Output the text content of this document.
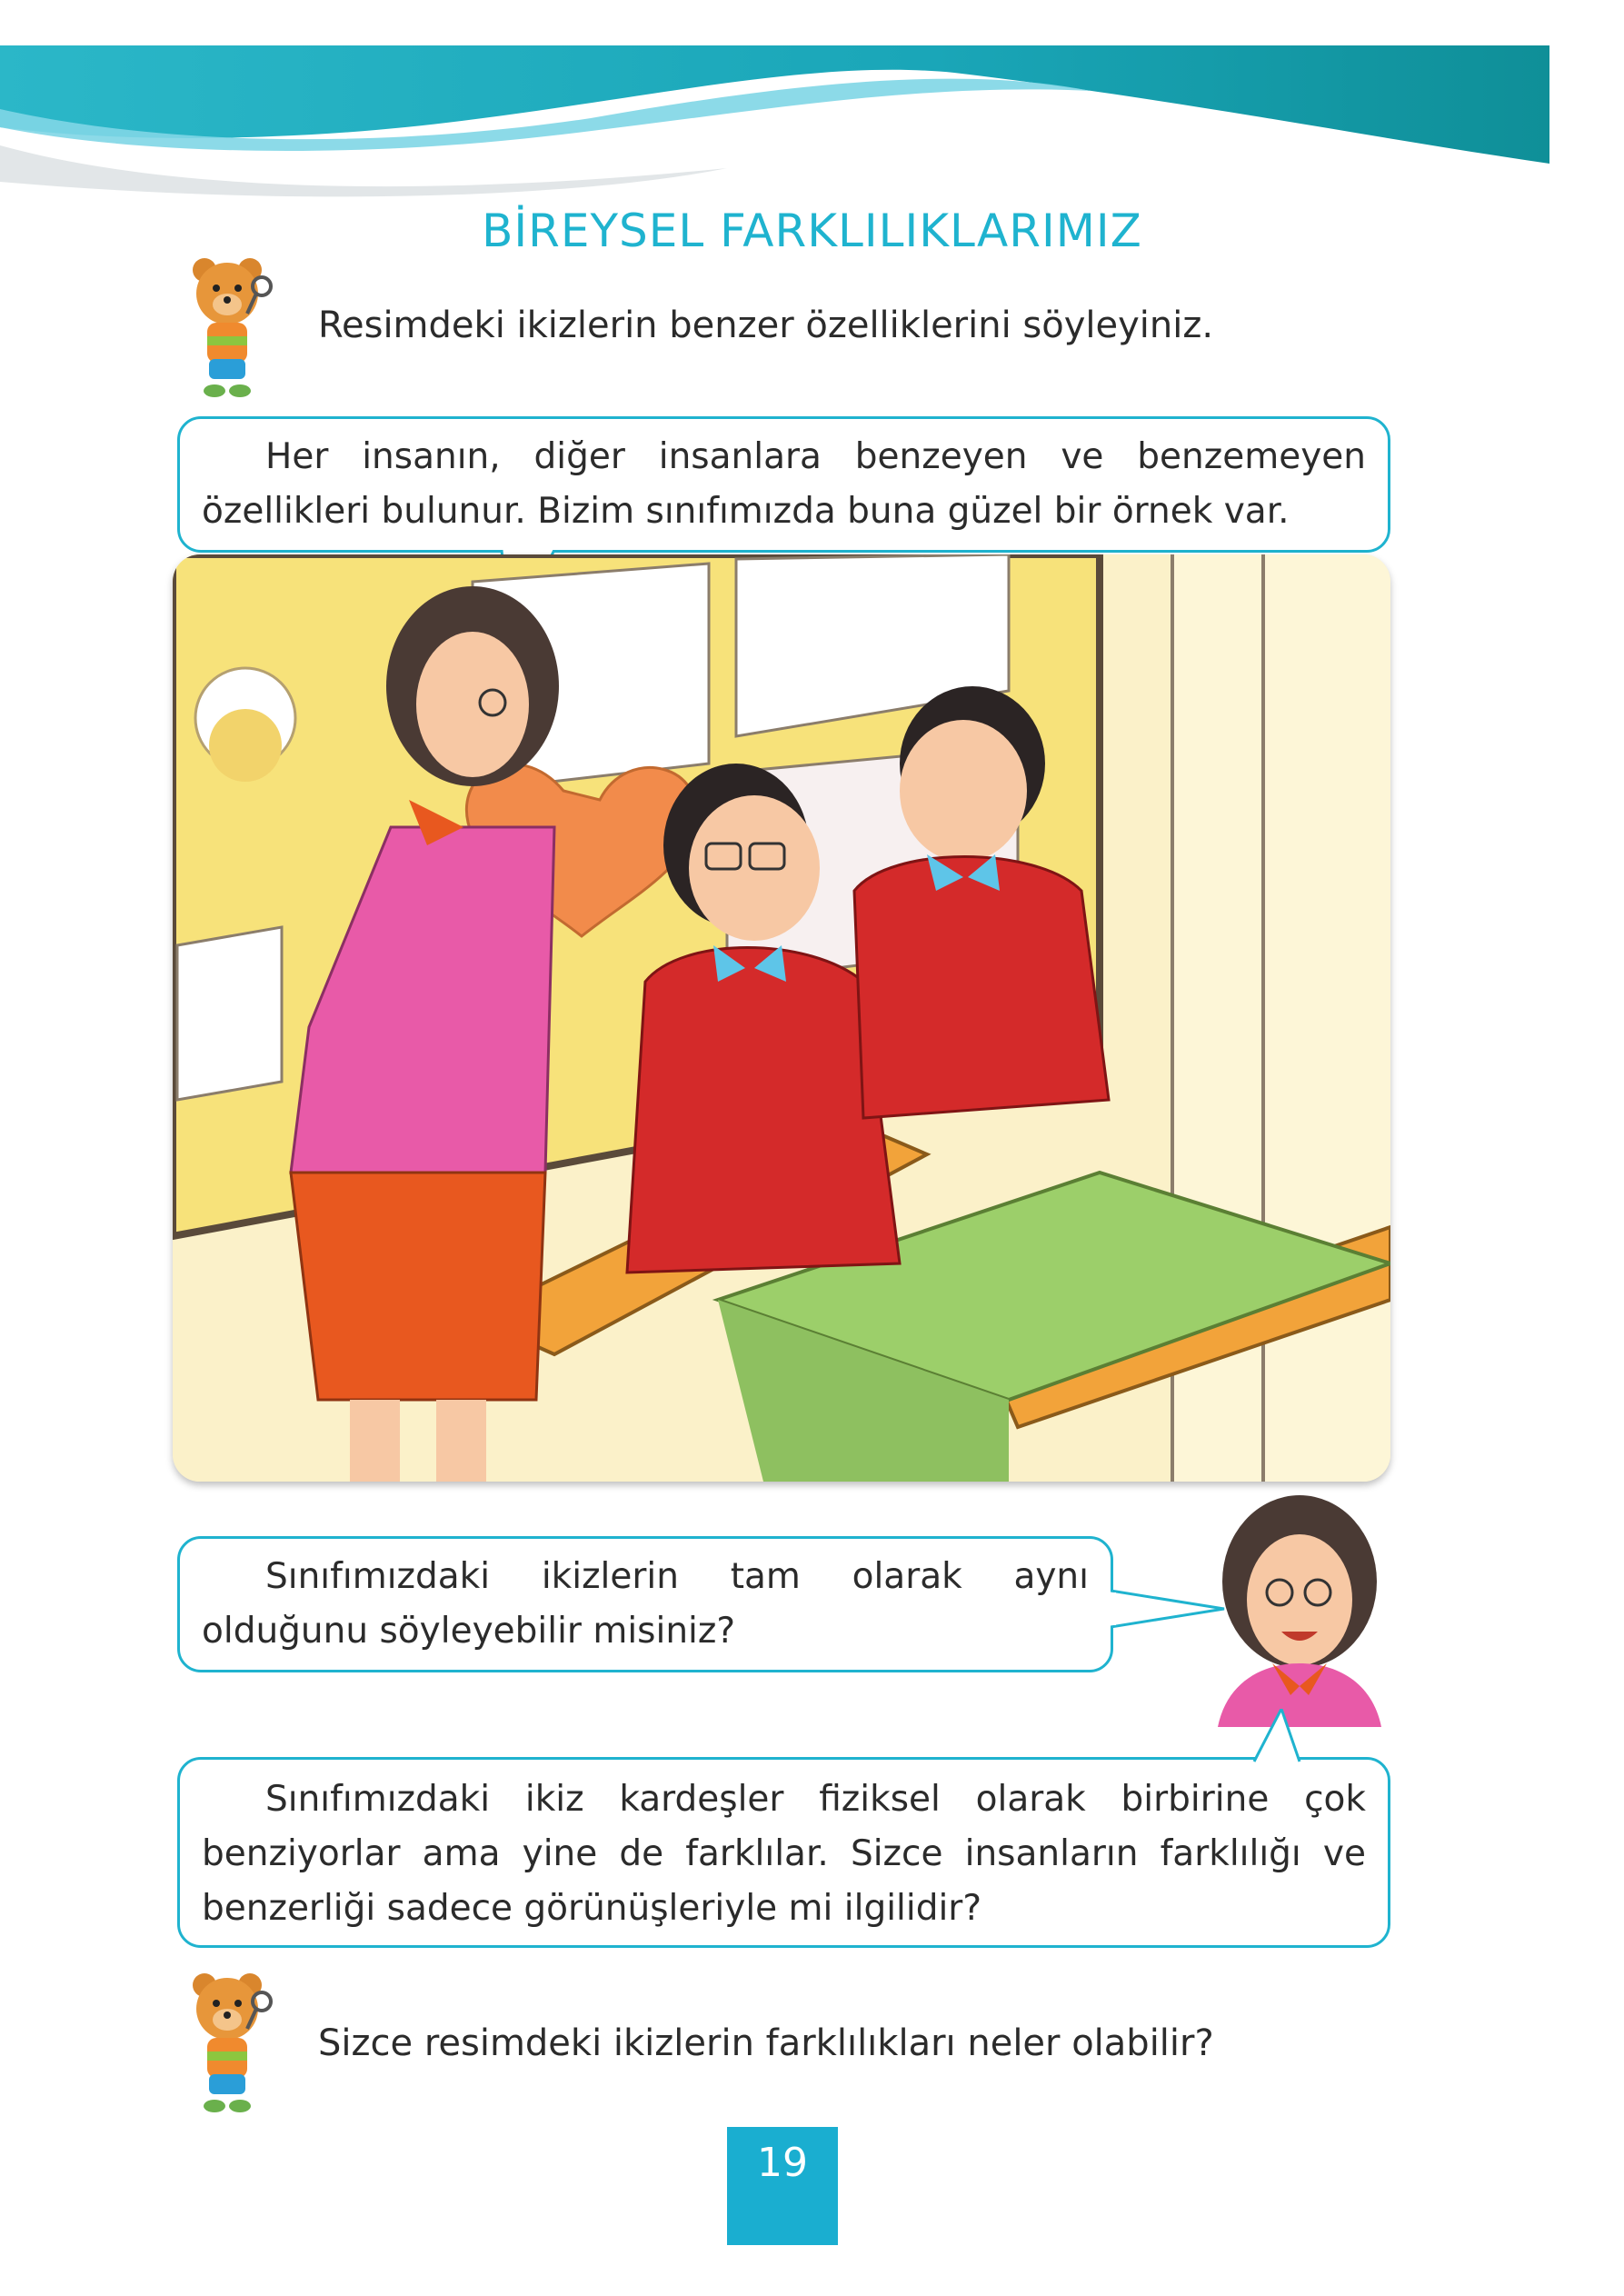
BİREYSEL FARKLILIKLARIMIZ
Resimdeki ikizlerin benzer özelliklerini söyleyiniz.

Her insanın, diğer insanlara benzeyen ve benzemeyen özellikleri bulunur. Bizim sınıfımızda buna güzel bir örnek var.

Sınıfımızdaki ikizlerin tam olarak aynı olduğunu söyleyebilir misiniz?

Sınıfımızdaki ikiz kardeşler fiziksel olarak birbirine çok benziyorlar ama yine de farklılar. Sizce insanların farklılığı ve benzerliği sadece görünüşleriyle mi ilgilidir?

Sizce resimdeki ikizlerin farklılıkları neler olabilir?
19
